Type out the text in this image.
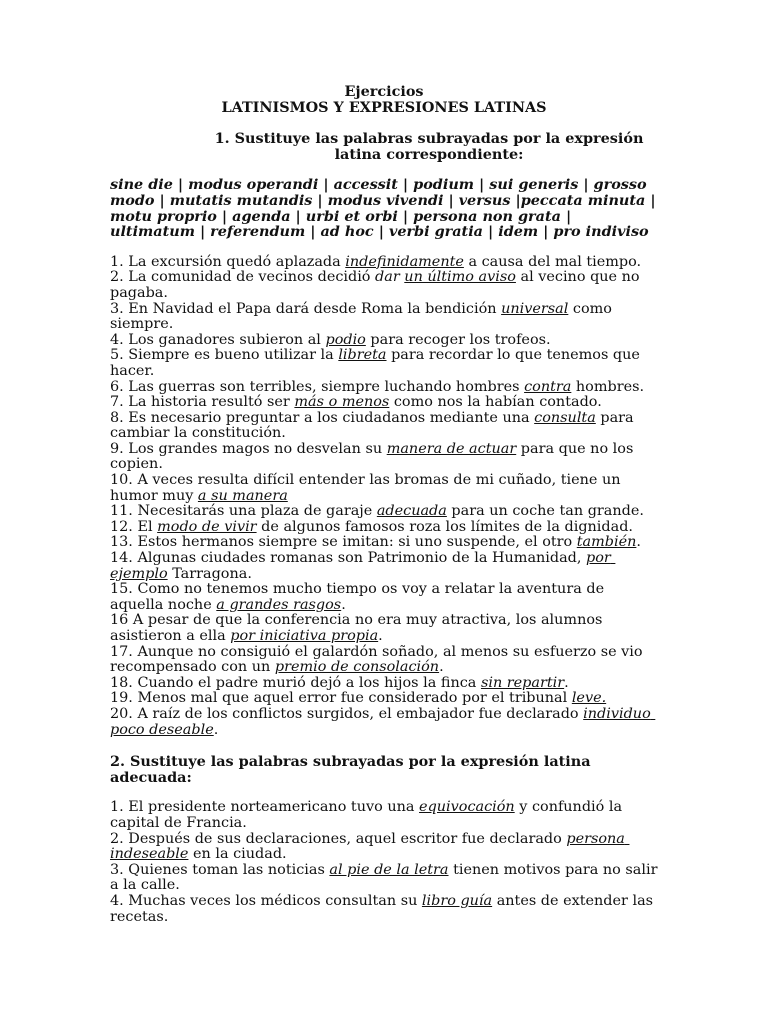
Ejercicios
LATINISMOS Y EXPRESIONES LATINAS
1. Sustituye las palabras subrayadas por la expresión latina correspondiente:
sine die | modus operandi | accessit | podium | sui generis | grosso modo | mutatis mutandis | modus vivendi | versus |peccata minuta | motu proprio | agenda | urbi et orbi | persona non grata | ultimatum | referendum | ad hoc | verbi gratia | idem | pro indiviso
1. La excursión quedó aplazada indefinidamente a causa del mal tiempo.
2. La comunidad de vecinos decidió dar un último aviso al vecino que no pagaba.
3. En Navidad el Papa dará desde Roma la bendición universal como siempre.
4. Los ganadores subieron al podio para recoger los trofeos.
5. Siempre es bueno utilizar la libreta para recordar lo que tenemos que hacer.
6. Las guerras son terribles, siempre luchando hombres contra hombres.
7. La historia resultó ser más o menos como nos la habían contado.
8. Es necesario preguntar a los ciudadanos mediante una consulta para cambiar la constitución.
9. Los grandes magos no desvelan su manera de actuar para que no los copien.
10. A veces resulta difícil entender las bromas de mi cuñado, tiene un humor muy a su manera
11. Necesitarás una plaza de garaje adecuada para un coche tan grande.
12. El modo de vivir de algunos famosos roza los límites de la dignidad.
13. Estos hermanos siempre se imitan: si uno suspende, el otro también.
14. Algunas ciudades romanas son Patrimonio de la Humanidad, por ejemplo Tarragona.
15. Como no tenemos mucho tiempo os voy a relatar la aventura de aquella noche a grandes rasgos.
16 A pesar de que la conferencia no era muy atractiva, los alumnos asistieron a ella por iniciativa propia.
17. Aunque no consiguió el galardón soñado, al menos su esfuerzo se vio recompensado con un premio de consolación.
18. Cuando el padre murió dejó a los hijos la finca sin repartir.
19. Menos mal que aquel error fue considerado por el tribunal leve.
20. A raíz de los conflictos surgidos, el embajador fue declarado individuo poco deseable.
2. Sustituye las palabras subrayadas por la expresión latina adecuada:
1. El presidente norteamericano tuvo una equivocación y confundió la capital de Francia.
2. Después de sus declaraciones, aquel escritor fue declarado persona indeseable en la ciudad.
3. Quienes toman las noticias al pie de la letra tienen motivos para no salir a la calle.
4. Muchas veces los médicos consultan su libro guía antes de extender las recetas.
